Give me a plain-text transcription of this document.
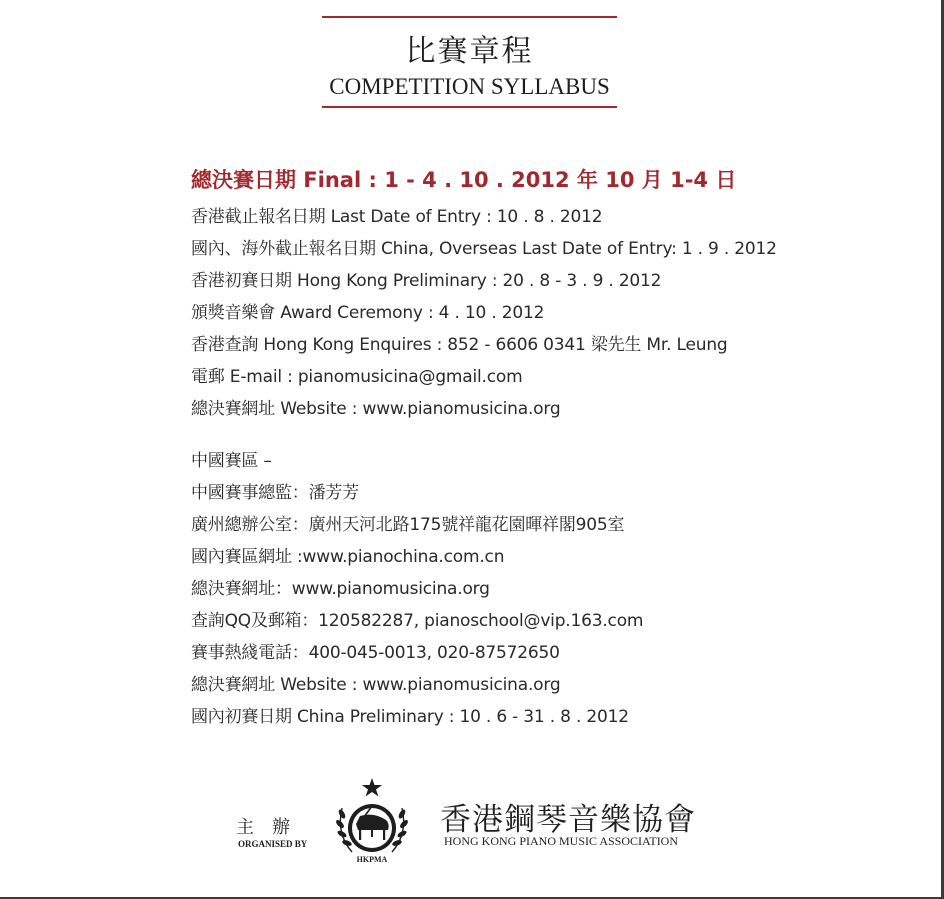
比賽章程
COMPETITION SYLLABUS
總決賽日期 Final : 1 - 4 . 10 . 2012 年 10 月 1-4 日
香港截止報名日期 Last Date of Entry : 10 . 8 . 2012
國內、海外截止報名日期 China, Overseas Last Date of Entry: 1 . 9 . 2012
香港初賽日期 Hong Kong Preliminary : 20 . 8 - 3 . 9 . 2012
頒獎音樂會 Award Ceremony : 4 . 10 . 2012
香港查詢 Hong Kong Enquires : 852 - 6606 0341 梁先生 Mr. Leung
電郵 E-mail : pianomusicina@gmail.com
總決賽網址 Website : www.pianomusicina.org
中國賽區 –
中國賽事總監：潘芳芳
廣州總辦公室：廣州天河北路175號祥龍花園暉祥閣905室
國內賽區網址 :www.pianochina.com.cn
總決賽網址：www.pianomusicina.org
查詢QQ及郵箱：120582287, pianoschool@vip.163.com
賽事熱綫電話：400-045-0013, 020-87572650
總決賽網址 Website : www.pianomusicina.org
國內初賽日期 China Preliminary : 10 . 6 - 31 . 8 . 2012
主辦
ORGANISED BY
HKPMA
香港鋼琴音樂協會
HONG KONG PIANO MUSIC ASSOCIATION
